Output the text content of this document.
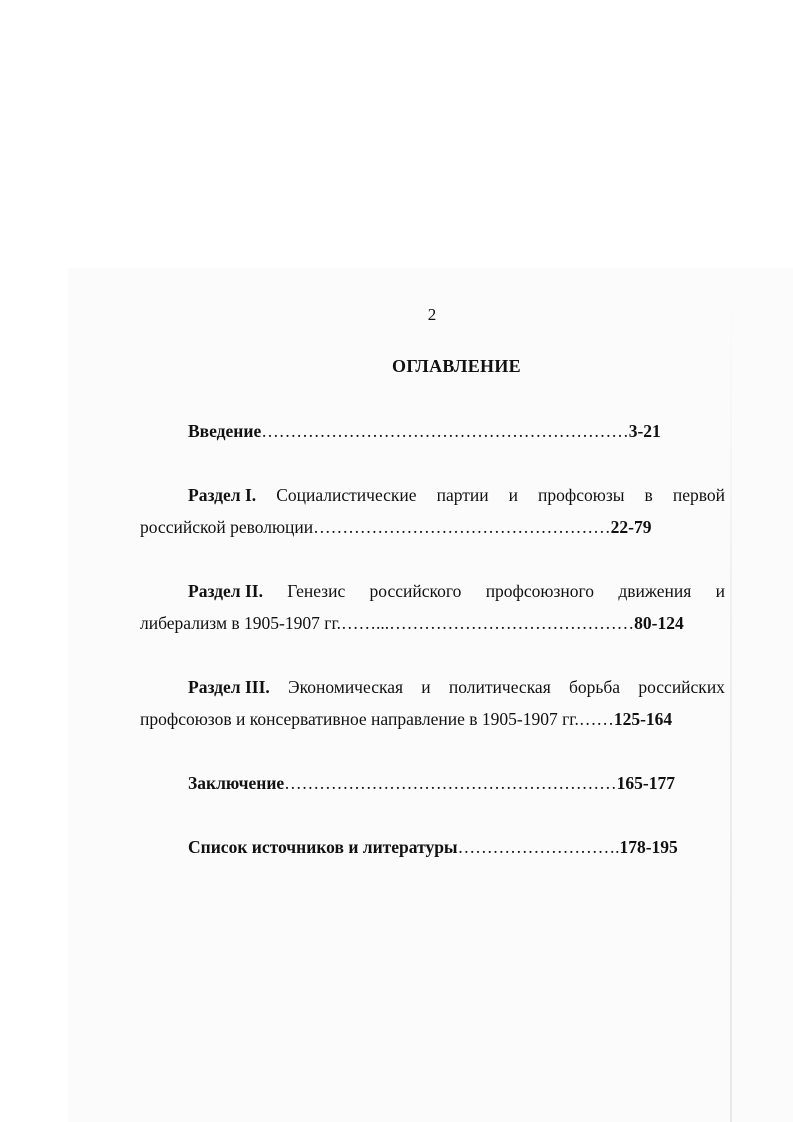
2
ОГЛАВЛЕНИЕ
Введение………………………………………………………3-21
Раздел I. Социалистические партии и профсоюзы в первой
российской революции……………………………………………22-79
Раздел II. Генезис российского профсоюзного движения и
либерализм в 1905-1907 гг.……...……………………………………80-124
Раздел III. Экономическая и политическая борьба российских
профсоюзов и консервативное направление в 1905-1907 гг.……125-164
Заключение…………………………………………………165-177
Список источников и литературы……………………….178-195
